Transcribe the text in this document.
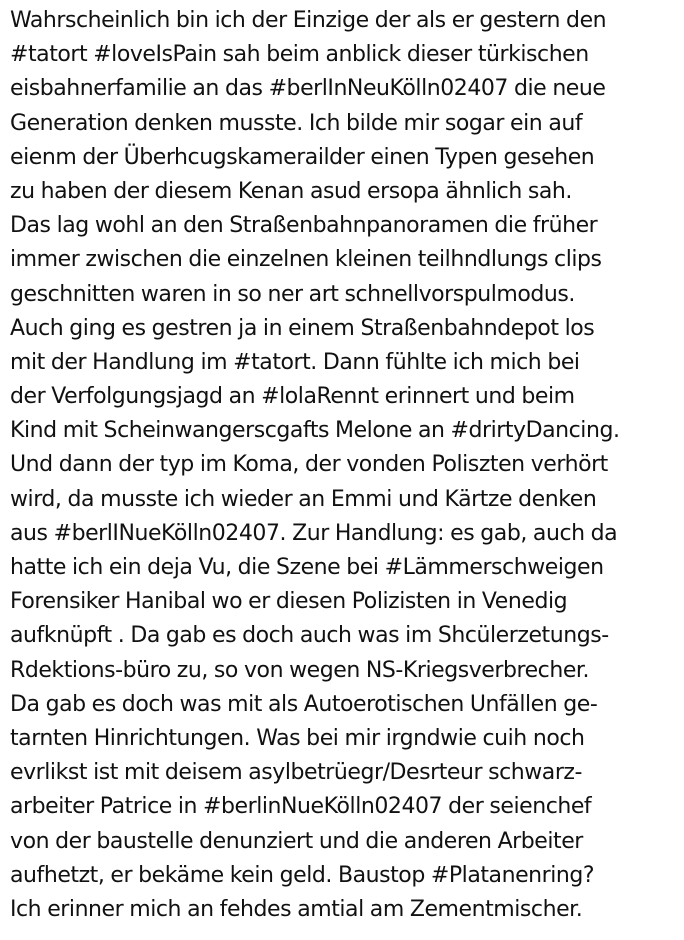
Wahrscheinlich bin ich der Einzige der als er gestern den
#tatort #loveIsPain sah beim anblick dieser türkischen
eisbahnerfamilie an das #berlInNeuKölln02407 die neue
Generation denken musste. Ich bilde mir sogar ein auf
eienm der Überhcugskamerailder einen Typen gesehen
zu haben der diesem Kenan asud ersopa ähnlich sah.
Das lag wohl an den Straßenbahnpanoramen die früher
immer zwischen die einzelnen kleinen teilhndlungs clips
geschnitten waren in so ner art schnellvorspulmodus.
Auch ging es gestren ja in einem Straßenbahndepot los
mit der Handlung im #tatort. Dann fühlte ich mich bei
der Verfolgungsjagd an #lolaRennt erinnert und beim
Kind mit Scheinwangerscgafts Melone an #drirtyDancing.
Und dann der typ im Koma, der vonden Poliszten verhört
wird, da musste ich wieder an Emmi und Kärtze denken
aus #berlINueKölln02407. Zur Handlung: es gab, auch da
hatte ich ein deja Vu, die Szene bei #Lämmerschweigen
Forensiker Hanibal wo er diesen Polizisten in Venedig
aufknüpft . Da gab es doch auch was im Shcülerzetungs-
Rdektions-büro zu, so von wegen NS-Kriegsverbrecher.
Da gab es doch was mit als Autoerotischen Unfällen ge-
tarnten Hinrichtungen. Was bei mir irgndwie cuih noch
evrlikst ist mit deisem asylbetrüegr/Desrteur schwarz-
arbeiter Patrice in #berlinNueKölln02407 der seienchef
von der baustelle denunziert und die anderen Arbeiter
aufhetzt, er bekäme kein geld. Baustop #Platanenring?
Ich erinner mich an fehdes amtial am Zementmischer.
